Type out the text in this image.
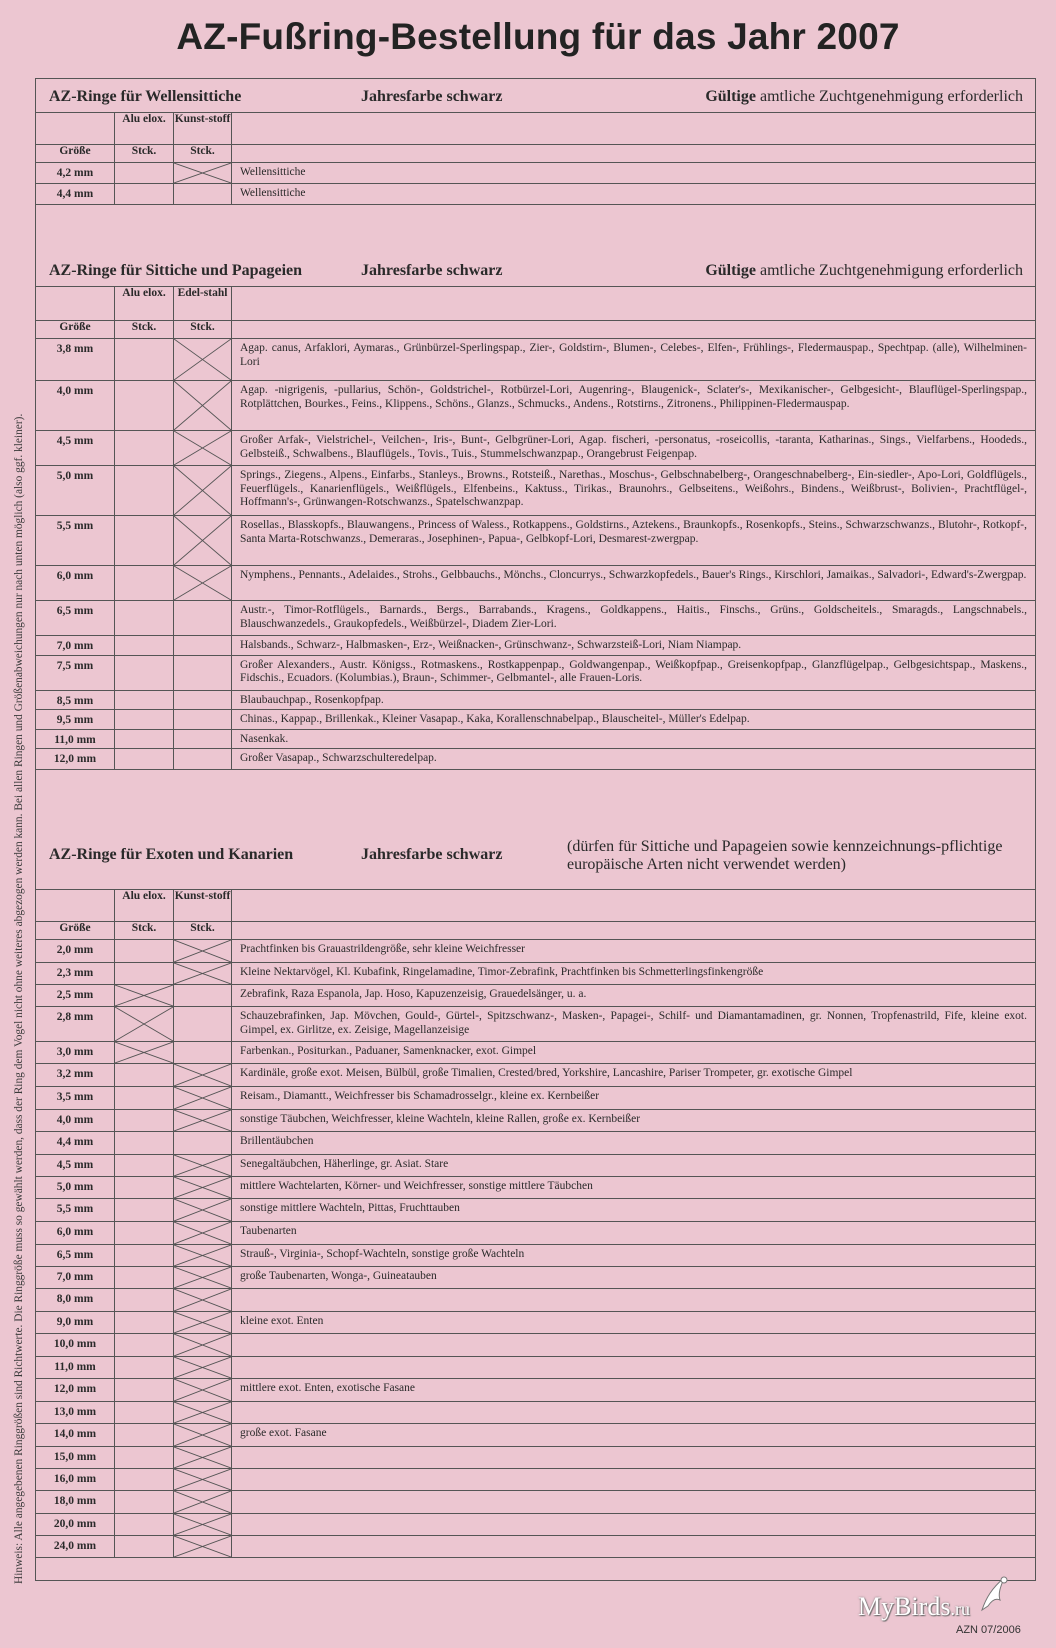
AZ-Fußring-Bestellung für das Jahr 2007
Hinweis: Alle angegebenen Ringgrößen sind Richtwerte. Die Ringgröße muss so gewählt werden, dass der Ring dem Vogel nicht ohne weiteres abgezogen werden kann. Bei allen Ringen und Größenabweichungen nur nach unten möglich (also ggf. kleiner).
AZ-Ringe für Wellensittiche	Jahresfarbe schwarz	Gültige amtliche Zuchtgenehmigung erforderlich
	Alu elox.	Kunst-stoff	
Größe	Stck.	Stck.	

4,2 mm			Wellensittiche

4,4 mm			Wellensittiche
AZ-Ringe für Sittiche und Papageien	Jahresfarbe schwarz	Gültige amtliche Zuchtgenehmigung erforderlich
	Alu elox.	Edel-stahl	
Größe	Stck.	Stck.	

3,8 mm			Agap. canus, Arfaklori, Aymaras., Grünbürzel-Sperlingspap., Zier-, Goldstirn-, Blumen-, Celebes-, Elfen-, Frühlings-, Fledermauspap., Spechtpap. (alle), Wilhelminen-Lori

4,0 mm			Agap. -nigrigenis, -pullarius, Schön-, Goldstrichel-, Rotbürzel-Lori, Augenring-, Blaugenick-, Sclater's-, Mexikanischer-, Gelbgesicht-, Blauflügel-Sperlingspap., Rotplättchen, Bourkes., Feins., Klippens., Schöns., Glanzs., Schmucks., Andens., Rotstirns., Zitronens., Philippinen-Fledermauspap.

4,5 mm			Großer Arfak-, Vielstrichel-, Veilchen-, Iris-, Bunt-, Gelbgrüner-Lori, Agap. fischeri, -personatus, -roseicollis, -taranta, Katharinas., Sings., Vielfarbens., Hoodeds., Gelbsteiß., Schwalbens., Blauflügels., Tovis., Tuis., Stummelschwanzpap., Orangebrust Feigenpap.

5,0 mm			Springs., Ziegens., Alpens., Einfarbs., Stanleys., Browns., Rotsteiß., Narethas., Moschus-, Gelbschnabelberg-, Orangeschnabelberg-, Ein-siedler-, Apo-Lori, Goldflügels., Feuerflügels., Kanarienflügels., Weißflügels., Elfenbeins., Kaktuss., Tirikas., Braunohrs., Gelbseitens., Weißohrs., Bindens., Weißbrust-, Bolivien-, Prachtflügel-, Hoffmann's-, Grünwangen-Rotschwanzs., Spatelschwanzpap.

5,5 mm			Rosellas., Blasskopfs., Blauwangens., Princess of Waless., Rotkappens., Goldstirns., Aztekens., Braunkopfs., Rosenkopfs., Steins., Schwarzschwanzs., Blutohr-, Rotkopf-, Santa Marta-Rotschwanzs., Demeraras., Josephinen-, Papua-, Gelbkopf-Lori, Desmarest-zwergpap.

6,0 mm			Nymphens., Pennants., Adelaides., Strohs., Gelbbauchs., Mönchs., Cloncurrys., Schwarzkopfedels., Bauer's Rings., Kirschlori, Jamaikas., Salvadori-, Edward's-Zwergpap.

6,5 mm			Austr.-, Timor-Rotflügels., Barnards., Bergs., Barrabands., Kragens., Goldkappens., Haitis., Finschs., Grüns., Goldscheitels., Smaragds., Langschnabels., Blauschwanzedels., Graukopfedels., Weißbürzel-, Diadem Zier-Lori.

7,0 mm			Halsbands., Schwarz-, Halbmasken-, Erz-, Weißnacken-, Grünschwanz-, Schwarzsteiß-Lori, Niam Niampap.

7,5 mm			Großer Alexanders., Austr. Königss., Rotmaskens., Rostkappenpap., Goldwangenpap., Weißkopfpap., Greisenkopfpap., Glanzflügelpap., Gelbgesichtspap., Maskens., Fidschis., Ecuadors. (Kolumbias.), Braun-, Schimmer-, Gelbmantel-, alle Frauen-Loris.

8,5 mm			Blaubauchpap., Rosenkopfpap.

9,5 mm			Chinas., Kappap., Brillenkak., Kleiner Vasapap., Kaka, Korallenschnabelpap., Blauscheitel-, Müller's Edelpap.

11,0 mm			Nasenkak.

12,0 mm			Großer Vasapap., Schwarzschulteredelpap.
AZ-Ringe für Exoten und Kanarien	Jahresfarbe schwarz	(dürfen für Sittiche und Papageien sowie kennzeichnungs-pflichtige europäische Arten nicht verwendet werden)
	Alu elox.	Kunst-stoff	
Größe	Stck.	Stck.	

2,0 mm			Prachtfinken bis Grauastrildengröße, sehr kleine Weichfresser

2,3 mm			Kleine Nektarvögel, Kl. Kubafink, Ringelamadine, Timor-Zebrafink, Prachtfinken bis Schmetterlingsfinkengröße

2,5 mm			Zebrafink, Raza Espanola, Jap. Hoso, Kapuzenzeisig, Grauedelsänger, u. a.

2,8 mm			Schauzebrafinken, Jap. Mövchen, Gould-, Gürtel-, Spitzschwanz-, Masken-, Papagei-, Schilf- und Diamantamadinen, gr. Nonnen, Tropfenastrild, Fife, kleine exot. Gimpel, ex. Girlitze, ex. Zeisige, Magellanzeisige

3,0 mm			Farbenkan., Positurkan., Paduaner, Samenknacker, exot. Gimpel

3,2 mm			Kardinäle, große exot. Meisen, Bülbül, große Timalien, Crested/bred, Yorkshire, Lancashire, Pariser Trompeter, gr. exotische Gimpel

3,5 mm			Reisam., Diamantt., Weichfresser bis Schamadrosselgr., kleine ex. Kernbeißer

4,0 mm			sonstige Täubchen, Weichfresser, kleine Wachteln, kleine Rallen, große ex. Kernbeißer

4,4 mm			Brillentäubchen

4,5 mm			Senegaltäubchen, Häherlinge, gr. Asiat. Stare

5,0 mm			mittlere Wachtelarten, Körner- und Weichfresser, sonstige mittlere Täubchen

5,5 mm			sonstige mittlere Wachteln, Pittas, Fruchttauben

6,0 mm			Taubenarten

6,5 mm			Strauß-, Virginia-, Schopf-Wachteln, sonstige große Wachteln

7,0 mm			große Taubenarten, Wonga-, Guineatauben

8,0 mm

9,0 mm			kleine exot. Enten

10,0 mm

11,0 mm

12,0 mm			mittlere exot. Enten, exotische Fasane

13,0 mm

14,0 mm			große exot. Fasane

15,0 mm

16,0 mm

18,0 mm

20,0 mm

24,0 mm

MyBirds.ru
AZN 07/2006
